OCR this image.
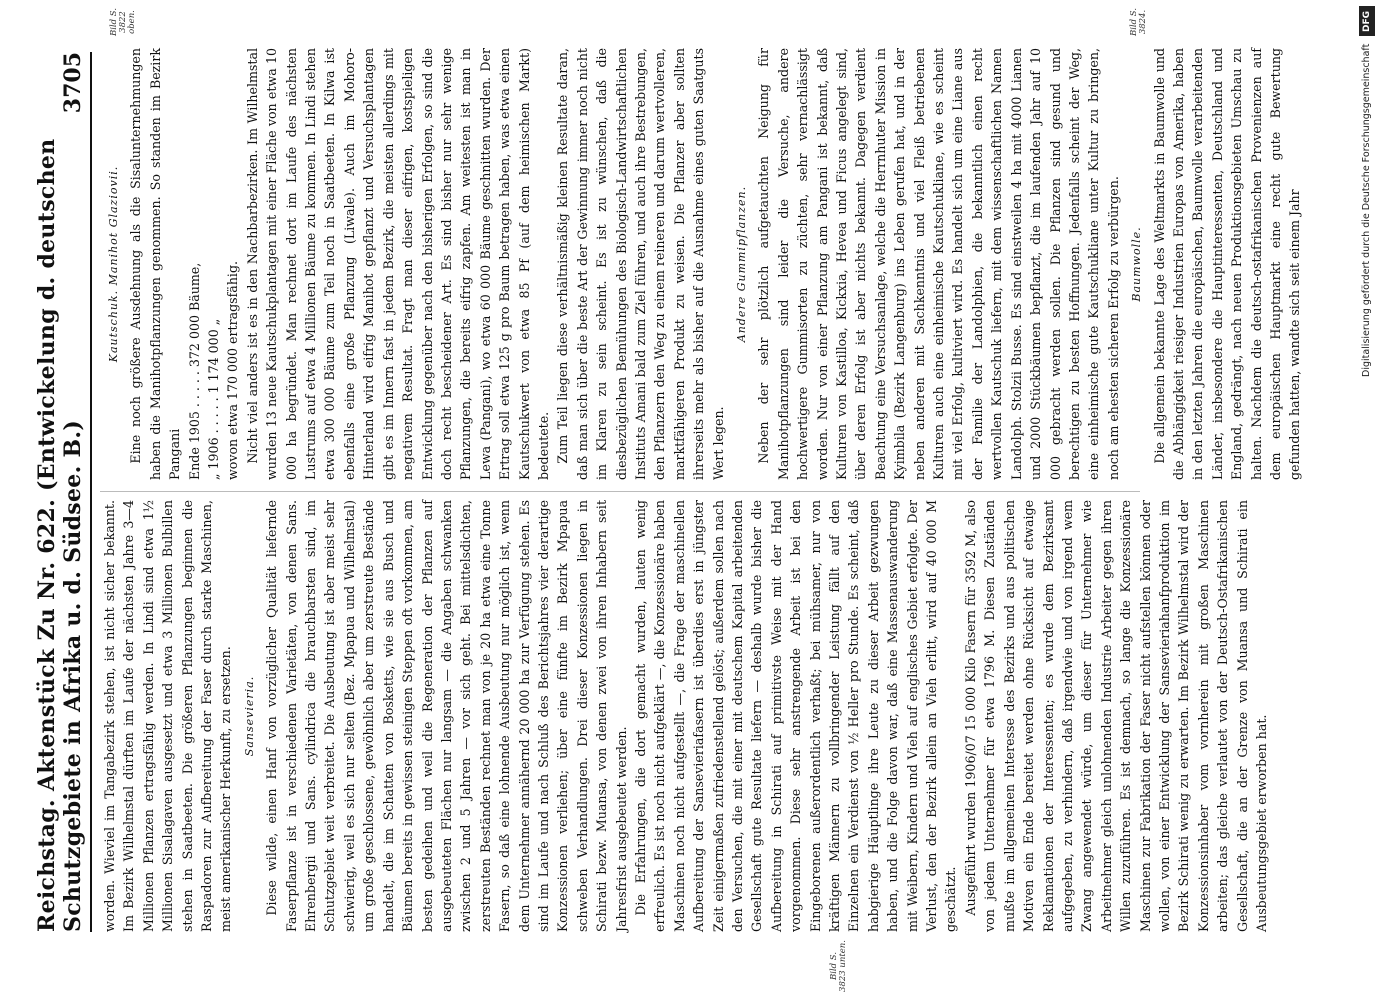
Reichstag. Aktenstück Zu Nr. 622. (Entwickelung d. deutschen Schutzgebiete in Afrika u. d. Südsee. B.)
3705

worden. Wieviel im Tangabezirk stehen, ist nicht sicher bekannt. Im Bezirk Wilhelmstal dürften im Laufe der nächsten Jahre 3—4 Millionen Pflanzen ertragsfähig werden. In Lindi sind etwa 1½ Millionen Sisalagaven ausgesetzt und etwa 3 Millionen Bulbillen stehen in Saatbeeten. Die größeren Pflanzungen beginnen die Raspadoren zur Aufbereitung der Faser durch starke Maschinen, meist amerikanischer Herkunft, zu ersetzen. Sansevieria. Diese wilde, einen Hanf von vorzüglicher Qualität liefernde Faserpflanze ist in verschiedenen Varietäten, von denen Sans. Ehrenbergii und Sans. cylindrica die brauchbarsten sind, im Schutzgebiet weit verbreitet. Die Ausbeutung ist aber meist sehr schwierig, weil es sich nur selten (Bez. Mpapua und Wilhelmstal) um große geschlossene, gewöhnlich aber um zerstreute Bestände handelt, die im Schatten von Bosketts, wie sie aus Busch und Bäumen bereits in gewissen steinigen Steppen oft vorkommen, am besten gedeihen und weil die Regeneration der Pflanzen auf ausgebeuteten Flächen nur langsam — die Angaben schwanken zwischen 2 und 5 Jahren — vor sich geht. Bei mittelsdichten, zerstreuten Beständen rechnet man von je 20 ha etwa eine Tonne Fasern, so daß eine lohnende Ausbeutung nur möglich ist, wenn dem Unternehmer annähernd 20 000 ha zur Verfügung stehen. Es sind im Laufe und nach Schluß des Berichtsjahres vier derartige Konzessionen verliehen; über eine fünfte im Bezirk Mpapua schweben Verhandlungen. Drei dieser Konzessionen liegen in Schirati bezw. Muansa, von denen zwei von ihren Inhabern seit Jahresfrist ausgebeutet werden. Die Erfahrungen, die dort gemacht wurden, lauten wenig erfreulich. Es ist noch nicht aufgeklärt —, die Konzessionäre haben Maschinen noch nicht aufgestellt —, die Frage der maschinellen Aufbereitung der Sansevieriafasern ist überdies erst in jüngster Zeit einigermaßen zufriedenstellend gelöst; außerdem sollen nach den Versuchen, die mit einer mit deutschem Kapital arbeitenden Gesellschaft gute Resultate liefern — deshalb wurde bisher die Aufbereitung in Schirati auf primitivste Weise mit der Hand vorgenommen. Diese sehr anstrengende Arbeit ist bei den Eingeborenen außerordentlich verhaßt; bei mühsamer, nur von kräftigen Männern zu vollbringender Leistung fällt auf den Einzelnen ein Verdienst von ½ Heller pro Stunde. Es scheint, daß habgierige Häuptlinge ihre Leute zu dieser Arbeit gezwungen haben, und die Folge davon war, daß eine Massenauswanderung mit Weibern, Kindern und Vieh auf englisches Gebiet erfolgte. Der Verlust, den der Bezirk allein an Vieh erlitt, wird auf 40 000 M geschätzt. Ausgeführt wurden 1906/07 15 000 Kilo Fasern für 3592 M, also von jedem Unternehmer für etwa 1796 M. Diesen Zuständen mußte im allgemeinen Interesse des Bezirks und aus politischen Motiven ein Ende bereitet werden ohne Rücksicht auf etwaige Reklamationen der Interessenten; es wurde dem Bezirksamt aufgegeben, zu verhindern, daß irgendwie und von irgend wem Zwang angewendet würde, um dieser für Unternehmer wie Arbeitnehmer gleich unlohnenden Industrie Arbeiter gegen ihren Willen zuzuführen. Es ist demnach, so lange die Konzessionäre Maschinen zur Fabrikation der Faser nicht aufstellen können oder wollen, von einer Entwicklung der Sansevieriahanfproduktion im Bezirk Schirati wenig zu erwarten. Im Bezirk Wilhelmstal wird der Konzessionsinhaber vom vornherein mit großen Maschinen arbeiten; das gleiche verlautet von der Deutsch-Ostafrikanischen Gesellschaft, die an der Grenze von Muansa und Schirati ein Ausbeutungsgebiet erworben hat.

Kautschuk. Manihot Glaziovii. Eine noch größere Ausdehnung als die Sisalunternehmungen haben die Manihotpflanzungen genommen. So standen im Bezirk Pangani Ende 1905 . . . . . 372 000 Bäume, „ 1906 . . . . . 1 174 000 „ wovon etwa 170 000 ertragsfähig. Nicht viel anders ist es in den Nachbarbezirken. Im Wilhelmstal wurden 13 neue Kautschukplantagen mit einer Fläche von etwa 10 000 ha begründet. Man rechnet dort im Laufe des nächsten Lustrums auf etwa 4 Millionen Bäume zu kommen. In Lindi stehen etwa 300 000 Bäume zum Teil noch in Saatbeeten. In Kilwa ist ebenfalls eine große Pflanzung (Liwale). Auch im Mohoro-Hinterland wird eifrig Manihot gepflanzt und Versuchsplantagen gibt es im Innern fast in jedem Bezirk, die meisten allerdings mit negativem Resultat. Fragt man dieser eifrigen, kostspieligen Entwicklung gegenüber nach den bisherigen Erfolgen, so sind die doch recht bescheidener Art. Es sind bisher nur sehr wenige Pflanzungen, die bereits eifrig zapfen. Am weitesten ist man in Lewa (Pangani), wo etwa 60 000 Bäume geschnitten wurden. Der Ertrag soll etwa 125 g pro Baum betragen haben, was etwa einen Kautschukwert von etwa 85 Pf (auf dem heimischen Markt) bedeutete. Zum Teil liegen diese verhältnismäßig kleinen Resultate daran, daß man sich über die beste Art der Gewinnung immer noch nicht im Klaren zu sein scheint. Es ist zu wünschen, daß die diesbezüglichen Bemühungen des Biologisch-Landwirtschaftlichen Instituts Amani bald zum Ziel führen, und auch ihre Bestrebungen, den Pflanzern den Weg zu einem reineren und darum wertvolleren, marktfähigeren Produkt zu weisen. Die Pflanzer aber sollten ihrerseits mehr als bisher auf die Ausnahme eines guten Saatguts Wert legen.

Andere Gummipflanzen. Neben der sehr plötzlich aufgetauchten Neigung für Manihotpflanzungen sind leider die Versuche, andere hochwertigere Gummisorten zu züchten, sehr vernachlässigt worden. Nur von einer Pflanzung am Pangani ist bekannt, daß Kulturen von Kastilloa, Kickxia, Hevea und Ficus angelegt sind, über deren Erfolg ist aber nichts bekannt. Dagegen verdient Beachtung eine Versuchsanlage, welche die Herrnhuter Mission in Kyimbila (Bezirk Langenburg) ins Leben gerufen hat, und in der neben anderen mit Sachkenntnis und viel Fleiß betriebenen Kulturen auch eine einheimische Kautschukliane, wie es scheint mit viel Erfolg, kultiviert wird. Es handelt sich um eine Liane aus der Familie der Landolphien, die bekanntlich einen recht wertvollen Kautschuk liefern, mit dem wissenschaftlichen Namen Landolph. Stolzii Busse. Es sind einstweilen 4 ha mit 4000 Lianen und 2000 Stückbäumen bepflanzt, die im laufenden Jahr auf 10 000 gebracht werden sollen. Die Pflanzen sind gesund und berechtigen zu besten Hoffnungen. Jedenfalls scheint der Weg, eine einheimische gute Kautschukliane unter Kultur zu bringen, noch am ehesten sicheren Erfolg zu verbürgen. Baumwolle. Die allgemein bekannte Lage des Weltmarkts in Baumwolle und die Abhängigkeit riesiger Industrien Europas von Amerika, haben in den letzten Jahren die europäischen, Baumwolle verarbeitenden Länder, insbesondere die Hauptinteressenten, Deutschland und England, gedrängt, nach neuen Produktionsgebieten Umschau zu halten. Nachdem die deutsch-ostafrikanischen Provenienzen auf dem europäischen Hauptmarkt eine recht gute Bewertung gefunden hatten, wandte sich seit einem Jahr

Bild S. 3823 unten.
Bild S. 3822 oben.	Bild S. 3824.	DFG
Digitalisierung gefördert durch die Deutsche Forschungsgemeinschaft
